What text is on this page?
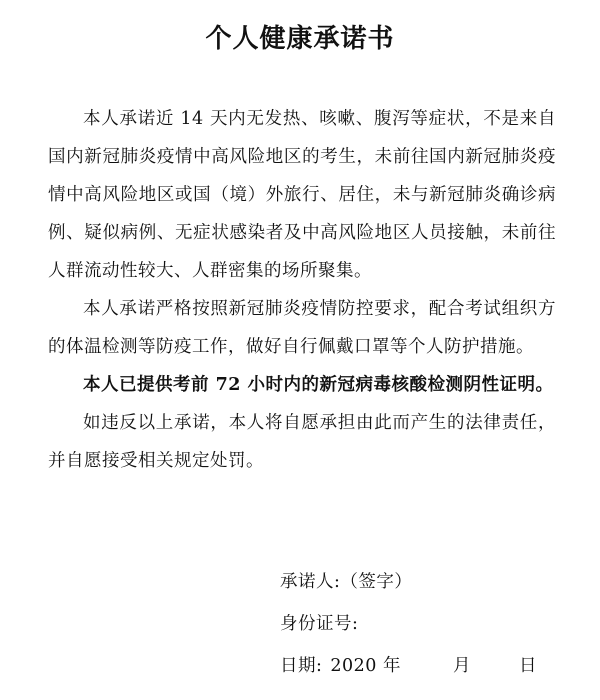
个人健康承诺书

本人承诺近 14 天内无发热、咳嗽、腹泻等症状，不是来自国内新冠肺炎疫情中高风险地区的考生，未前往国内新冠肺炎疫情中高风险地区或国（境）外旅行、居住，未与新冠肺炎确诊病例、疑似病例、无症状感染者及中高风险地区人员接触，未前往人群流动性较大、人群密集的场所聚集。

本人承诺严格按照新冠肺炎疫情防控要求，配合考试组织方的体温检测等防疫工作，做好自行佩戴口罩等个人防护措施。

本人已提供考前 72 小时内的新冠病毒核酸检测阴性证明。

如违反以上承诺，本人将自愿承担由此而产生的法律责任，并自愿接受相关规定处罚。

承诺人:（签字）
身份证号:
日期: 2020 年	月	日
